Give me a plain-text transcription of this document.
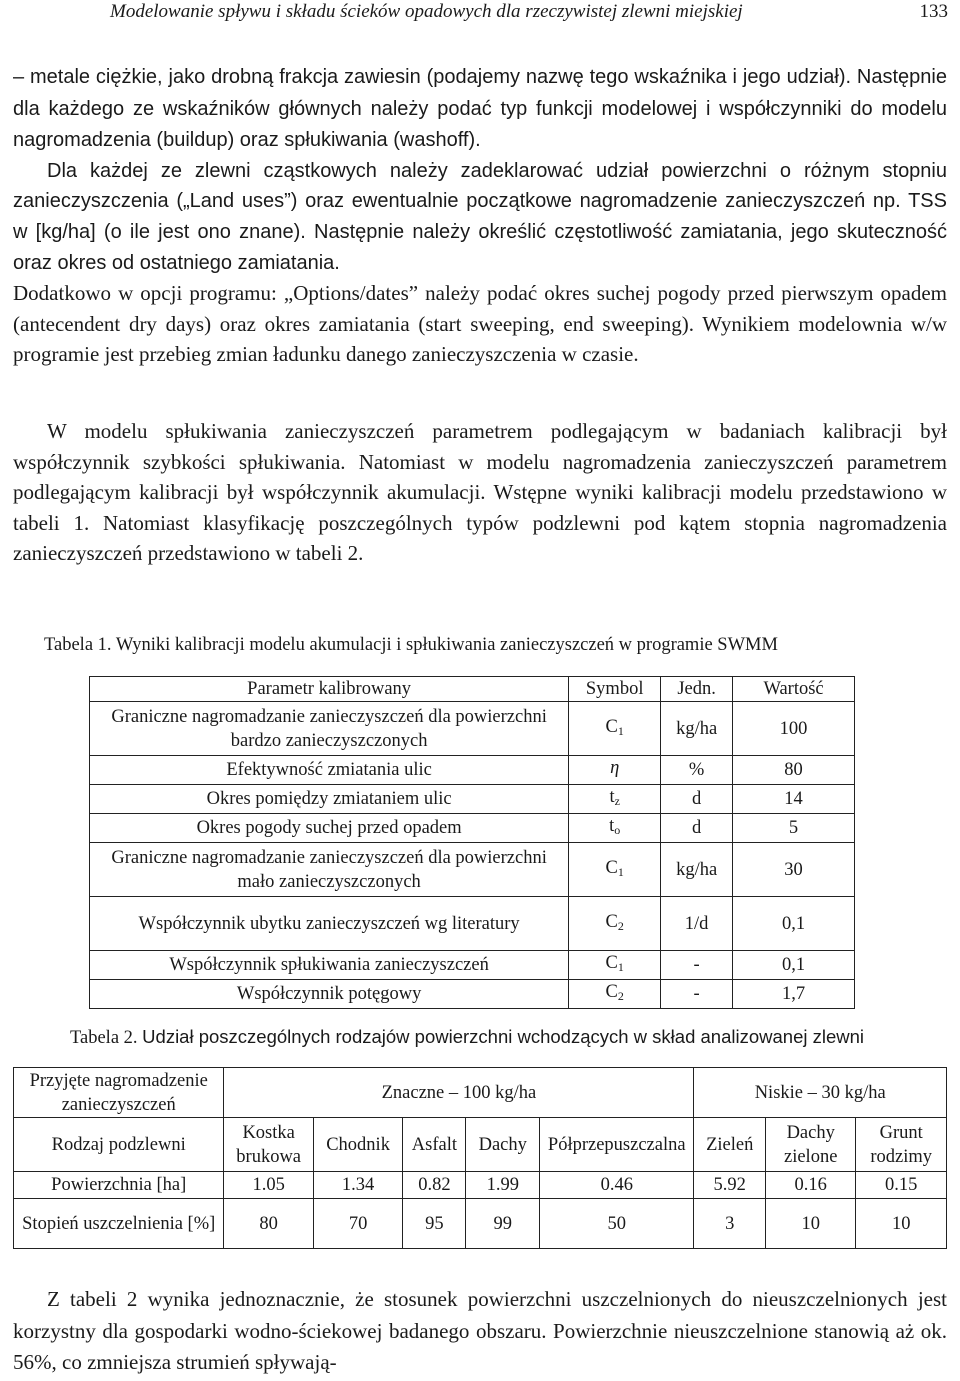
Modelowanie spływu i składu ścieków opadowych dla rzeczywistej zlewni miejskiej	133

– metale ciężkie, jako drobną frakcja zawiesin (podajemy nazwę tego wskaźnika i jego udział). Następnie dla każdego ze wskaźników głównych należy podać typ funkcji modelowej i współczynniki do modelu nagromadzenia (buildup) oraz spłukiwania (washoff).
Dla każdej ze zlewni cząstkowych należy zadeklarować udział powierzchni o różnym stopniu zanieczyszczenia („Land uses”) oraz ewentualnie początkowe nagromadzenie zanieczyszczeń np. TSS w [kg/ha] (o ile jest ono znane). Następnie należy określić częstotliwość zamiatania, jego skuteczność oraz okres od ostatniego zamiatania.
Dodatkowo w opcji programu: „Options/dates” należy podać okres suchej pogody przed pierwszym opadem (antecendent dry days) oraz okres zamiatania (start sweeping, end sweeping). Wynikiem modelownia w/w programie jest przebieg zmian ładunku danego zanieczyszczenia w czasie.

W modelu spłukiwania zanieczyszczeń parametrem podlegającym w badaniach kalibracji był współczynnik szybkości spłukiwania. Natomiast w modelu nagromadzenia zanieczyszczeń parametrem podlegającym kalibracji był współczynnik akumulacji. Wstępne wyniki kalibracji modelu przedstawiono w tabeli 1. Natomiast klasyfikację poszczególnych typów podzlewni pod kątem stopnia nagromadzenia zanieczyszczeń przedstawiono w tabeli 2.

Tabela 1. Wyniki kalibracji modelu akumulacji i spłukiwania zanieczyszczeń w programie SWMM
Parametr kalibrowany	Symbol	Jedn.	Wartość
Graniczne nagromadzanie zanieczyszczeń dla powierzchni bardzo zanieczyszczonych	$C_1$	kg/ha	100
Efektywność zmiatania ulic	η	%	80
Okres pomiędzy zmiataniem ulic	$t_z$	d	14
Okres pogody suchej przed opadem	$t_o$	d	5
Graniczne nagromadzanie zanieczyszczeń dla powierzchni mało zanieczyszczonych	$C_1$	kg/ha	30
Współczynnik ubytku zanieczyszczeń wg literatury	$C_2$	1/d	0,1
Współczynnik spłukiwania zanieczyszczeń	$C_1$	-	0,1
Współczynnik potęgowy	$C_2$	-	1,7
Tabela 2. Udział poszczególnych rodzajów powierzchni wchodzących w skład analizowanej zlewni
Przyjęte nagromadzenie zanieczyszczeń	Znaczne – 100 kg/ha					Niskie – 30 kg/ha		
Rodzaj podzlewni	Kostka brukowa	Chodnik	Asfalt	Dachy	Półprzepuszczalna	Zieleń	Dachy zielone	Grunt rodzimy
Powierzchnia [ha]	1.05	1.34	0.82	1.99	0.46	5.92	0.16	0.15
Stopień uszczelnienia [%]	80	70	95	99	50	3	10	10

Z tabeli 2 wynika jednoznacznie, że stosunek powierzchni uszczelnionych do nieuszczelnionych jest korzystny dla gospodarki wodno-ściekowej badanego obszaru. Powierzchnie nieuszczelnione stanowią aż ok. 56%, co zmniejsza strumień spływają-
